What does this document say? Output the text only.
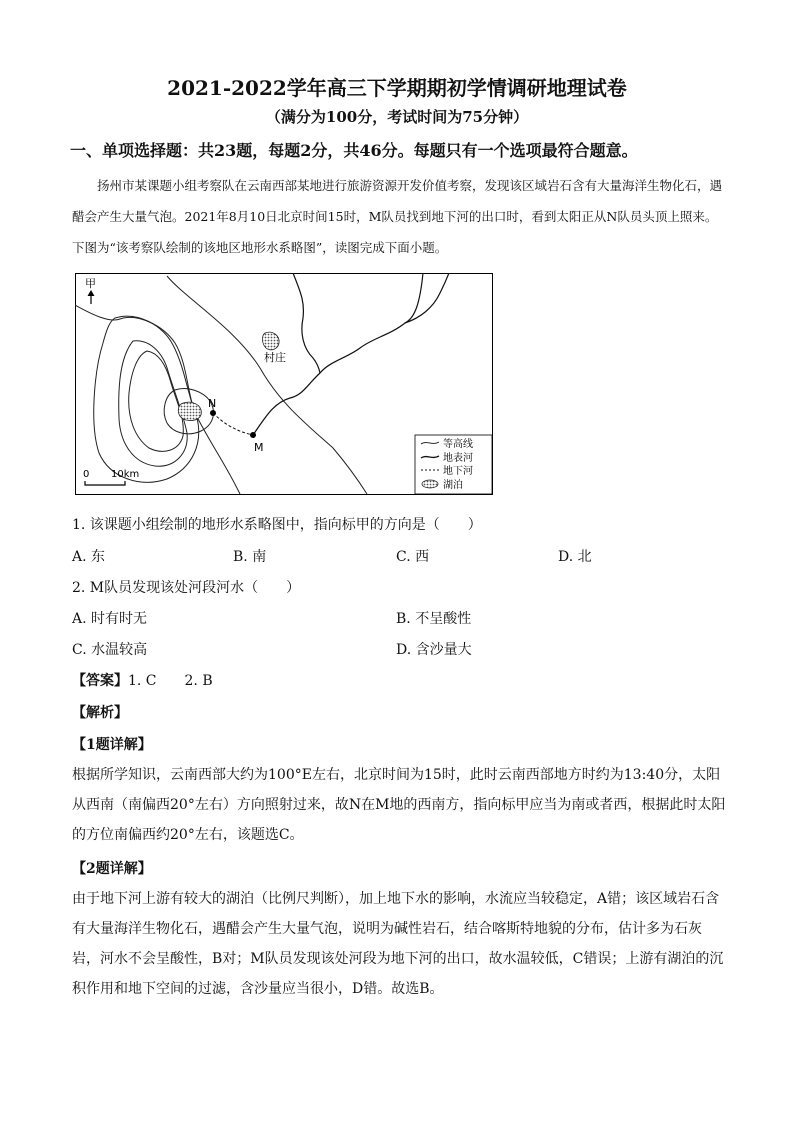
2021-2022学年高三下学期期初学情调研地理试卷
（满分为100分，考试时间为75分钟）
一、单项选择题：共23题，每题2分，共46分。每题只有一个选项最符合题意。
扬州市某课题小组考察队在云南西部某地进行旅游资源开发价值考察，发现该区域岩石含有大量海洋生物化石，遇醋会产生大量气泡。2021年8月10日北京时间15时，M队员找到地下河的出口时，看到太阳正从N队员头顶上照来。下图为“该考察队绘制的该地区地形水系略图”，读图完成下面小题。
村庄
N
M
甲
0 10km
等高线
地表河
地下河
湖泊
1. 该课题小组绘制的地形水系略图中，指向标甲的方向是（　　）
A. 东	B. 南	C. 西	D. 北
2. M队员发现该处河段河水（　　）
A. 时有时无	B. 不呈酸性
C. 水温较高	D. 含沙量大
【答案】1. C　　2. B
【解析】
【1题详解】
根据所学知识，云南西部大约为100°E左右，北京时间为15时，此时云南西部地方时约为13:40分，太阳从西南（南偏西20°左右）方向照射过来，故N在M地的西南方，指向标甲应当为南或者西，根据此时太阳的方位南偏西约20°左右，该题选C。
【2题详解】
由于地下河上游有较大的湖泊（比例尺判断），加上地下水的影响，水流应当较稳定，A错；该区域岩石含有大量海洋生物化石，遇醋会产生大量气泡，说明为碱性岩石，结合喀斯特地貌的分布，估计多为石灰岩，河水不会呈酸性，B对；M队员发现该处河段为地下河的出口，故水温较低，C错误；上游有湖泊的沉积作用和地下空间的过滤，含沙量应当很小，D错。故选B。
